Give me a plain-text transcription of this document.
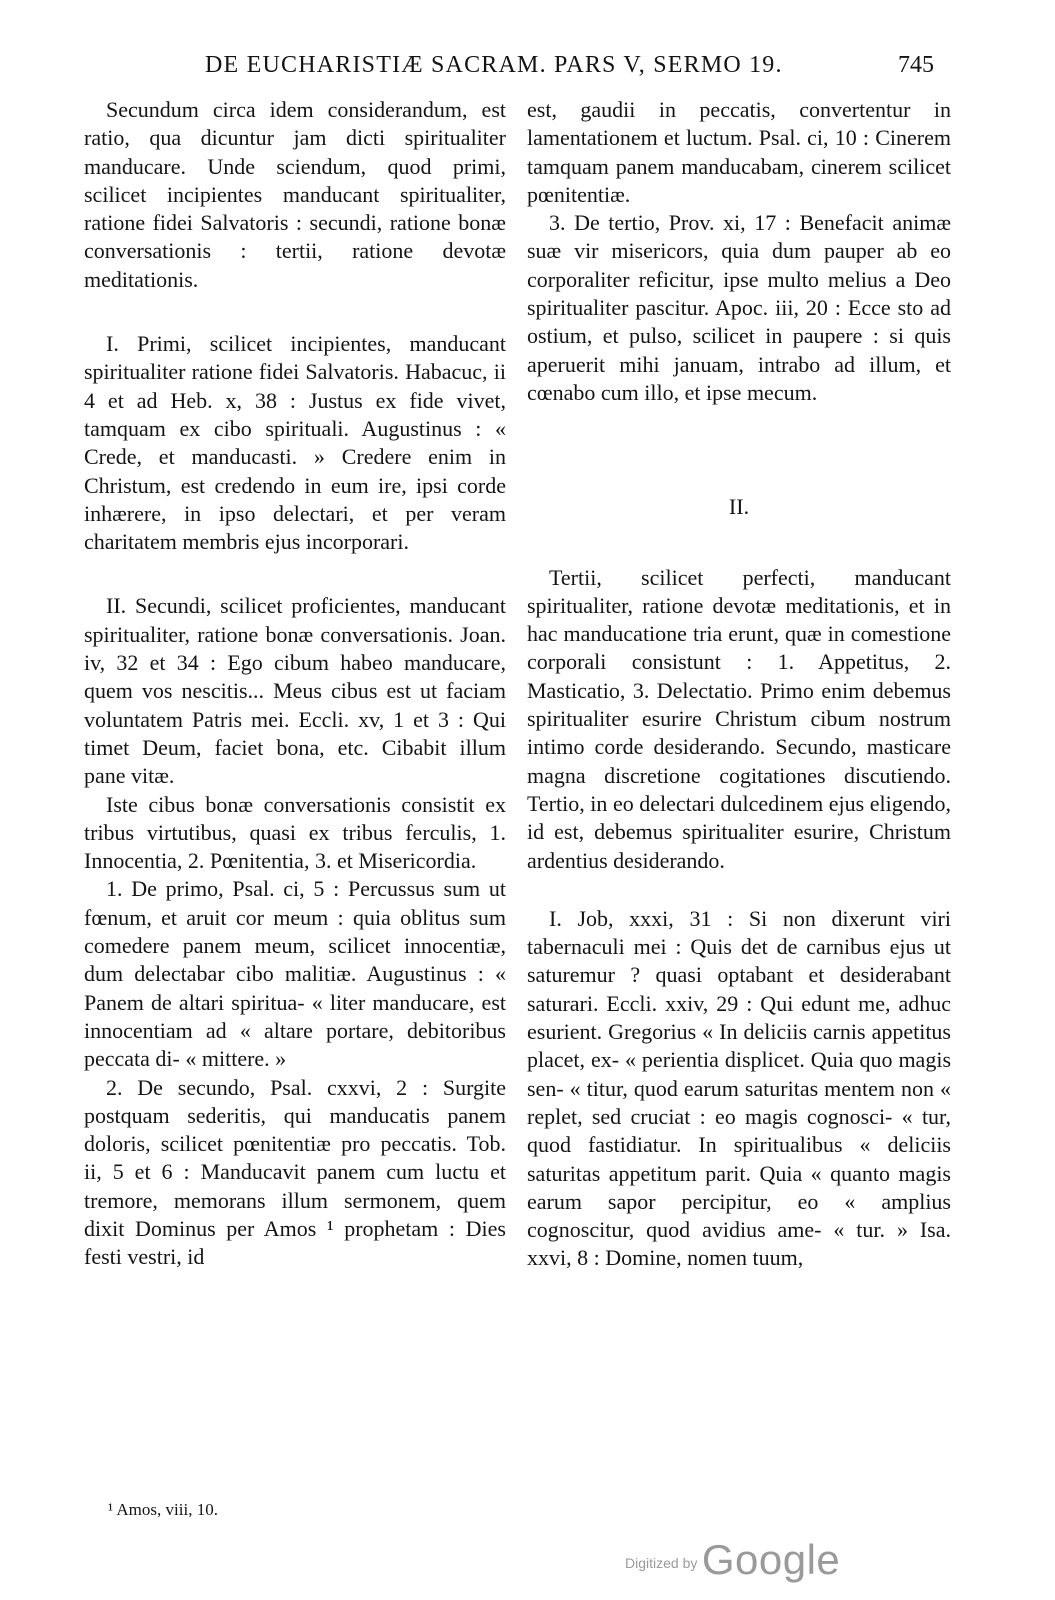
DE EUCHARISTIÆ SACRAM. PARS V, SERMO 19.	745

Secundum circa idem considerandum, est ratio, qua dicuntur jam dicti spiritualiter manducare. Unde sciendum, quod primi, scilicet incipientes manducant spiritualiter, ratione fidei Salvatoris : secundi, ratione bonæ conversationis : tertii, ratione devotæ meditationis.

I. Primi, scilicet incipientes, manducant spiritualiter ratione fidei Salvatoris. Habacuc, ii 4 et ad Heb. x, 38 : Justus ex fide vivet, tamquam ex cibo spirituali. Augustinus : « Crede, et manducasti. » Credere enim in Christum, est credendo in eum ire, ipsi corde inhærere, in ipso delectari, et per veram charitatem membris ejus incorporari.

II. Secundi, scilicet proficientes, manducant spiritualiter, ratione bonæ conversationis. Joan. iv, 32 et 34 : Ego cibum habeo manducare, quem vos nescitis... Meus cibus est ut faciam voluntatem Patris mei. Eccli. xv, 1 et 3 : Qui timet Deum, faciet bona, etc. Cibabit illum pane vitæ.

Iste cibus bonæ conversationis consistit ex tribus virtutibus, quasi ex tribus ferculis, 1. Innocentia, 2. Pœnitentia, 3. et Misericordia.

1. De primo, Psal. ci, 5 : Percussus sum ut fœnum, et aruit cor meum : quia oblitus sum comedere panem meum, scilicet innocentiæ, dum delectabar cibo malitiæ. Augustinus : « Panem de altari spiritua- « liter manducare, est innocentiam ad « altare portare, debitoribus peccata di- « mittere. »

2. De secundo, Psal. cxxvi, 2 : Surgite postquam sederitis, qui manducatis panem doloris, scilicet pœnitentiæ pro peccatis. Tob. ii, 5 et 6 : Manducavit panem cum luctu et tremore, memorans illum sermonem, quem dixit Dominus per Amos ¹ prophetam : Dies festi vestri, id

est, gaudii in peccatis, convertentur in lamentationem et luctum. Psal. ci, 10 : Cinerem tamquam panem manducabam, cinerem scilicet pœnitentiæ.

3. De tertio, Prov. xi, 17 : Benefacit animæ suæ vir misericors, quia dum pauper ab eo corporaliter reficitur, ipse multo melius a Deo spiritualiter pascitur. Apoc. iii, 20 : Ecce sto ad ostium, et pulso, scilicet in paupere : si quis aperuerit mihi januam, intrabo ad illum, et cœnabo cum illo, et ipse mecum.

II.

Tertii, scilicet perfecti, manducant spiritualiter, ratione devotæ meditationis, et in hac manducatione tria erunt, quæ in comestione corporali consistunt : 1. Appetitus, 2. Masticatio, 3. Delectatio. Primo enim debemus spiritualiter esurire Christum cibum nostrum intimo corde desiderando. Secundo, masticare magna discretione cogitationes discutiendo. Tertio, in eo delectari dulcedinem ejus eligendo, id est, debemus spiritualiter esurire, Christum ardentius desiderando.

I. Job, xxxi, 31 : Si non dixerunt viri tabernaculi mei : Quis det de carnibus ejus ut saturemur ? quasi optabant et desiderabant saturari. Eccli. xxiv, 29 : Qui edunt me, adhuc esurient. Gregorius « In deliciis carnis appetitus placet, ex- « perientia displicet. Quia quo magis sen- « titur, quod earum saturitas mentem non « replet, sed cruciat : eo magis cognosci- « tur, quod fastidiatur. In spiritualibus « deliciis saturitas appetitum parit. Quia « quanto magis earum sapor percipitur, eo « amplius cognoscitur, quod avidius ame- « tur. » Isa. xxvi, 8 : Domine, nomen tuum,

¹ Amos, viii, 10.
Digitized by Google
